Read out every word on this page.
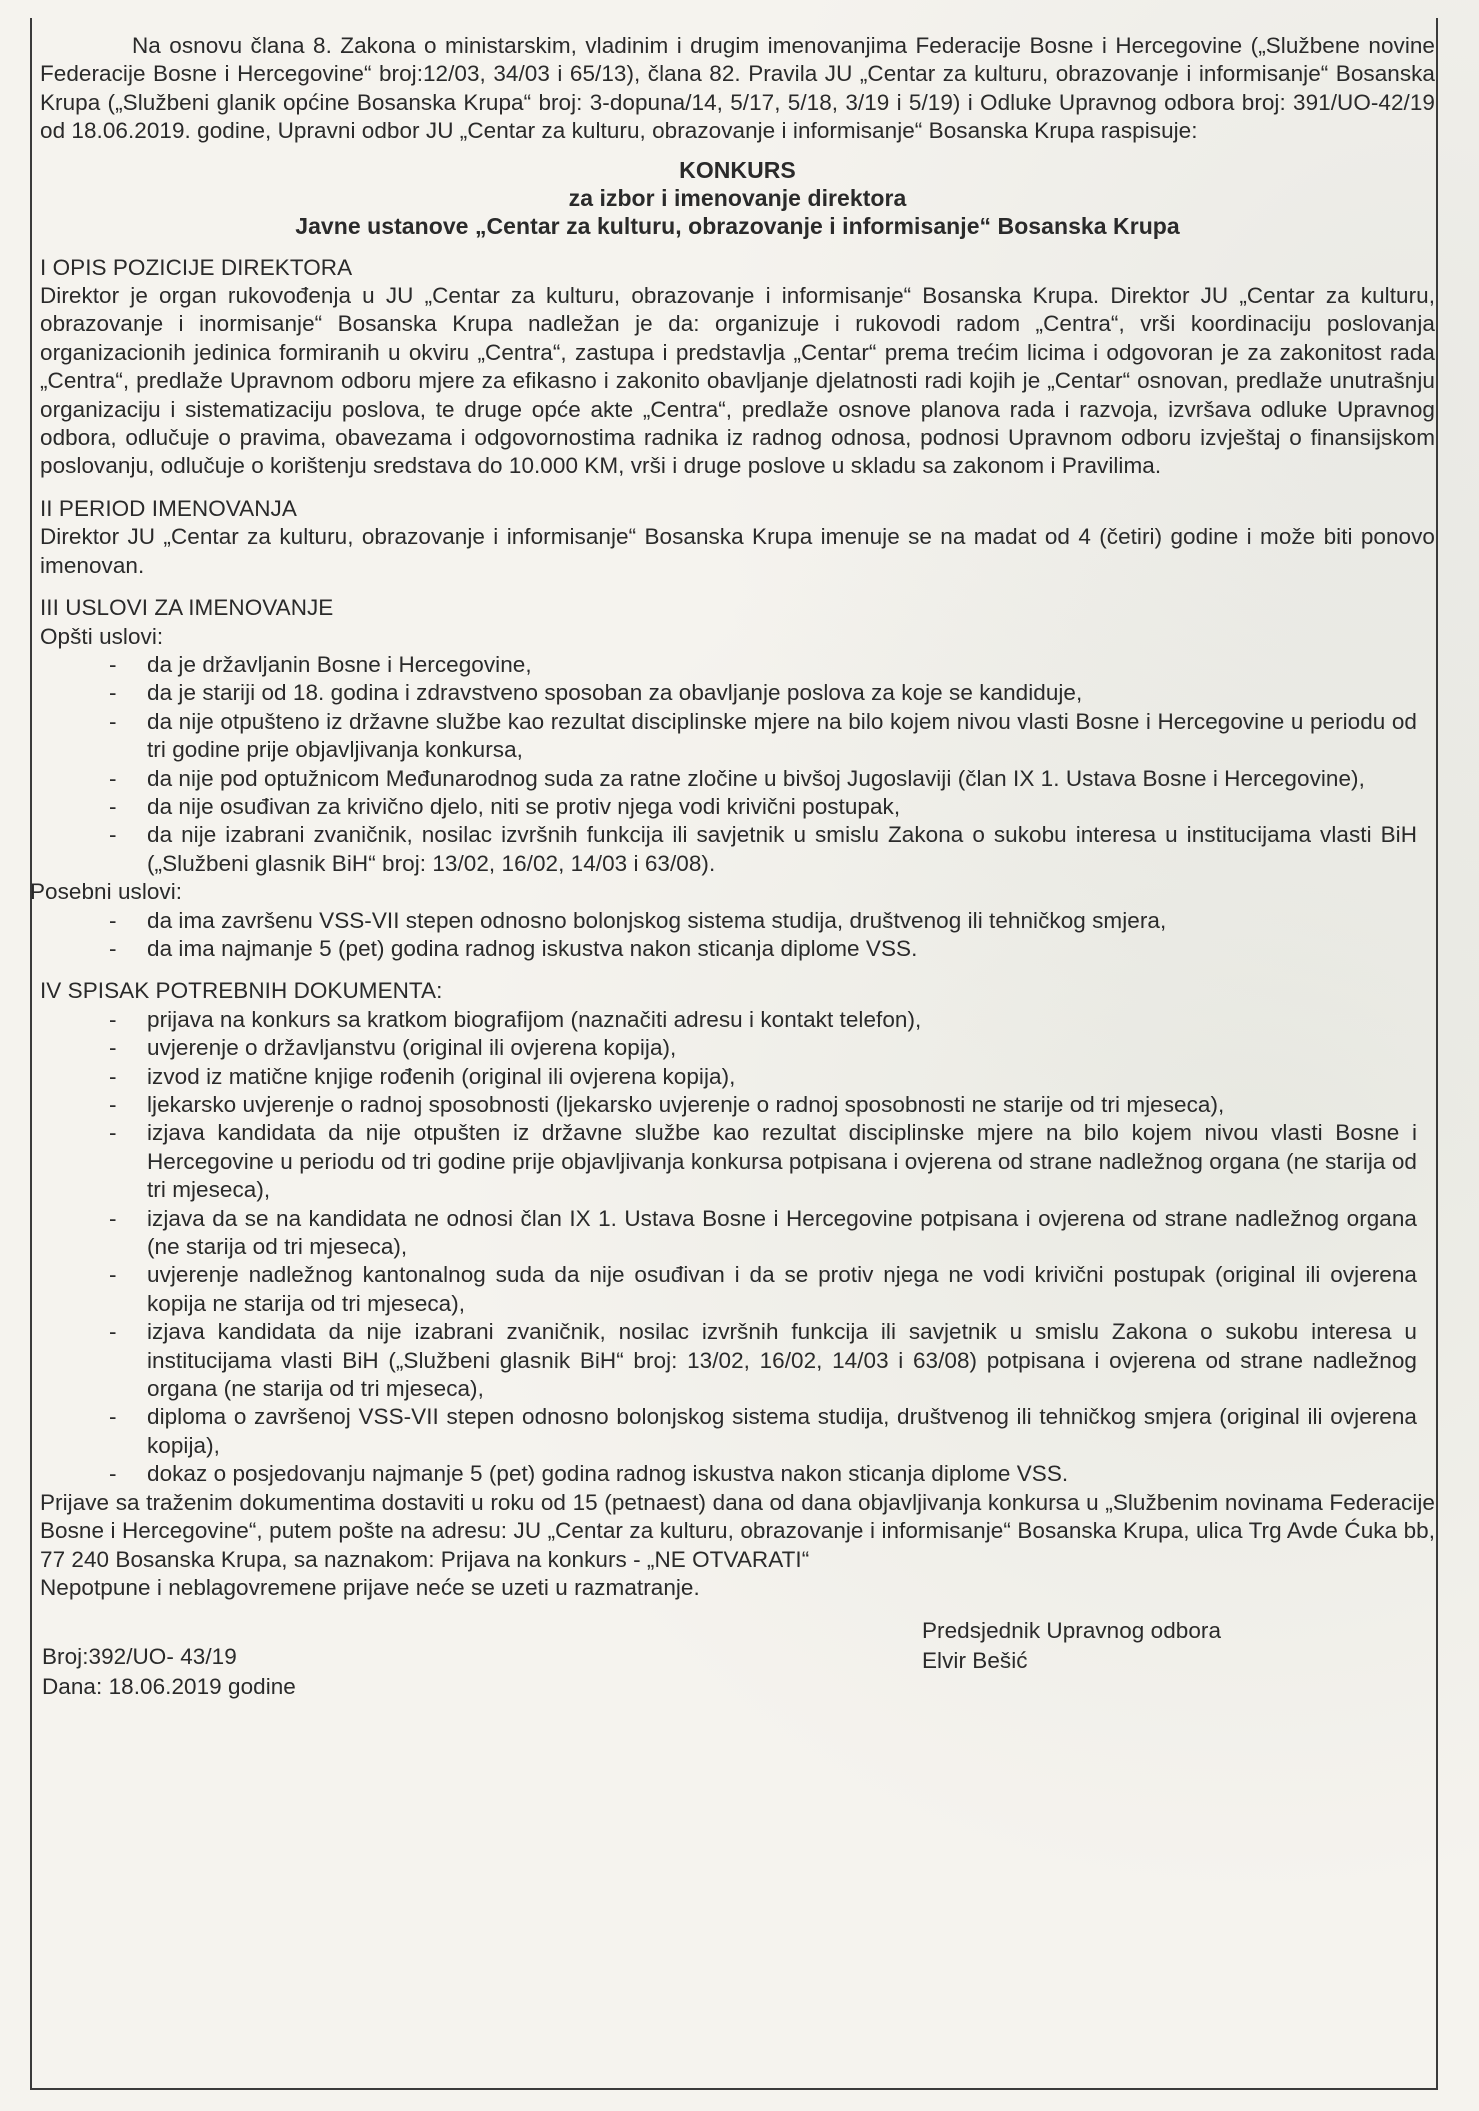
Na osnovu člana 8. Zakona o ministarskim, vladinim i drugim imenovanjima Federacije Bosne i Hercegovine („Službene novine Federacije Bosne i Hercegovine“ broj:12/03, 34/03 i 65/13), člana 82. Pravila JU „Centar za kulturu, obrazovanje i informisanje“ Bosanska Krupa („Službeni glanik općine Bosanska Krupa“ broj: 3-dopuna/14, 5/17, 5/18, 3/19 i 5/19) i Odluke Upravnog odbora broj: 391/UO-42/19 od 18.06.2019. godine, Upravni odbor JU „Centar za kulturu, obrazovanje i informisanje“ Bosanska Krupa raspisuje:

KONKURS
za izbor i imenovanje direktora
Javne ustanove „Centar za kulturu, obrazovanje i informisanje“ Bosanska Krupa
I OPIS POZICIJE DIREKTORA

Direktor je organ rukovođenja u JU „Centar za kulturu, obrazovanje i informisanje“ Bosanska Krupa. Direktor JU „Centar za kulturu, obrazovanje i inormisanje“ Bosanska Krupa nadležan je da: organizuje i rukovodi radom „Centra“, vrši koordinaciju poslovanja organizacionih jedinica formiranih u okviru „Centra“, zastupa i predstavlja „Centar“ prema trećim licima i odgovoran je za zakonitost rada „Centra“, predlaže Upravnom odboru mjere za efikasno i zakonito obavljanje djelatnosti radi kojih je „Centar“ osnovan, predlaže unutrašnju organizaciju i sistematizaciju poslova, te druge opće akte „Centra“, predlaže osnove planova rada i razvoja, izvršava odluke Upravnog odbora, odlučuje o pravima, obavezama i odgovornostima radnika iz radnog odnosa, podnosi Upravnom odboru izvještaj o finansijskom poslovanju, odlučuje o korištenju sredstava do 10.000 KM, vrši i druge poslove u skladu sa zakonom i Pravilima.

II PERIOD IMENOVANJA

Direktor JU „Centar za kulturu, obrazovanje i informisanje“ Bosanska Krupa imenuje se na madat od 4 (četiri) godine i može biti ponovo imenovan.

III USLOVI ZA IMENOVANJE
Opšti uslovi:
- da je državljanin Bosne i Hercegovine,
- da je stariji od 18. godina i zdravstveno sposoban za obavljanje poslova za koje se kandiduje,
- da nije otpušteno iz državne službe kao rezultat disciplinske mjere na bilo kojem nivou vlasti Bosne i Hercegovine u periodu od tri godine prije objavljivanja konkursa,
- da nije pod optužnicom Međunarodnog suda za ratne zločine u bivšoj Jugoslaviji (član IX 1. Ustava Bosne i Hercegovine),
- da nije osuđivan za krivično djelo, niti se protiv njega vodi krivični postupak,
- da nije izabrani zvaničnik, nosilac izvršnih funkcija ili savjetnik u smislu Zakona o sukobu interesa u institucijama vlasti BiH („Službeni glasnik BiH“ broj: 13/02, 16/02, 14/03 i 63/08).
Posebni uslovi:
- da ima završenu VSS-VII stepen odnosno bolonjskog sistema studija, društvenog ili tehničkog smjera,
- da ima najmanje 5 (pet) godina radnog iskustva nakon sticanja diplome VSS.
IV SPISAK POTREBNIH DOKUMENTA:
- prijava na konkurs sa kratkom biografijom (naznačiti adresu i kontakt telefon),
- uvjerenje o državljanstvu (original ili ovjerena kopija),
- izvod iz matične knjige rođenih (original ili ovjerena kopija),
- ljekarsko uvjerenje o radnoj sposobnosti (ljekarsko uvjerenje o radnoj sposobnosti ne starije od tri mjeseca),
- izjava kandidata da nije otpušten iz državne službe kao rezultat disciplinske mjere na bilo kojem nivou vlasti Bosne i Hercegovine u periodu od tri godine prije objavljivanja konkursa potpisana i ovjerena od strane nadležnog organa (ne starija od tri mjeseca),
- izjava da se na kandidata ne odnosi član IX 1. Ustava Bosne i Hercegovine potpisana i ovjerena od strane nadležnog organa (ne starija od tri mjeseca),
- uvjerenje nadležnog kantonalnog suda da nije osuđivan i da se protiv njega ne vodi krivični postupak (original ili ovjerena kopija ne starija od tri mjeseca),
- izjava kandidata da nije izabrani zvaničnik, nosilac izvršnih funkcija ili savjetnik u smislu Zakona o sukobu interesa u institucijama vlasti BiH („Službeni glasnik BiH“ broj: 13/02, 16/02, 14/03 i 63/08) potpisana i ovjerena od strane nadležnog organa (ne starija od tri mjeseca),
- diploma o završenoj VSS-VII stepen odnosno bolonjskog sistema studija, društvenog ili tehničkog smjera (original ili ovjerena kopija),
- dokaz o posjedovanju najmanje 5 (pet) godina radnog iskustva nakon sticanja diplome VSS.

Prijave sa traženim dokumentima dostaviti u roku od 15 (petnaest) dana od dana objavljivanja konkursa u „Službenim novinama Federacije Bosne i Hercegovine“, putem pošte na adresu: JU „Centar za kulturu, obrazovanje i informisanje“ Bosanska Krupa, ulica Trg Avde Ćuka bb, 77 240 Bosanska Krupa, sa naznakom: Prijava na konkurs - „NE OTVARATI“

Nepotpune i neblagovremene prijave neće se uzeti u razmatranje.

Predsjednik Upravnog odbora
Elvir Bešić
Broj:392/UO- 43/19
Dana: 18.06.2019 godine
